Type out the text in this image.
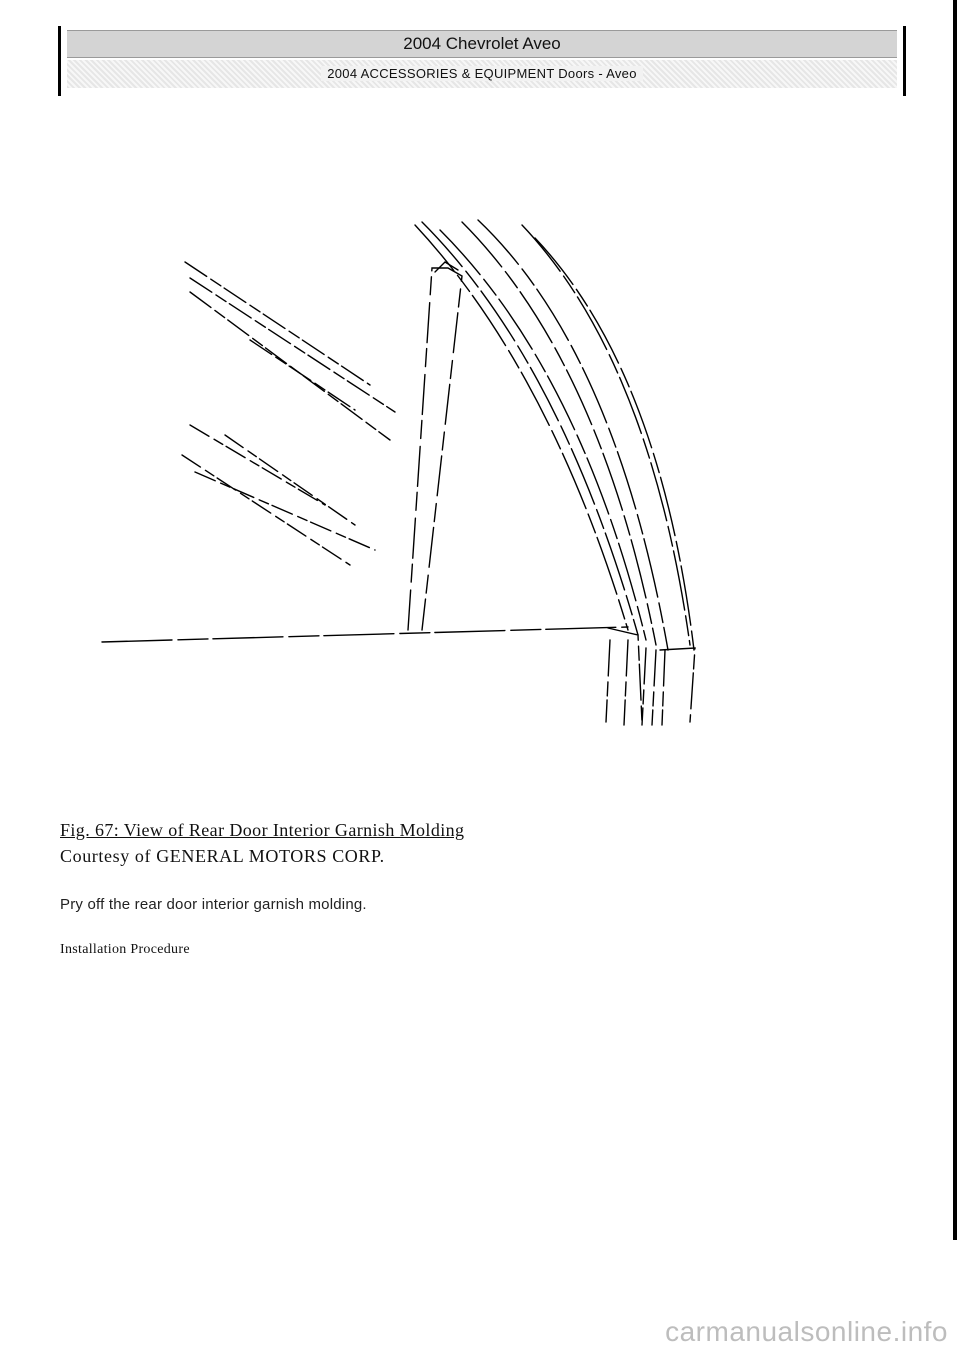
2004 Chevrolet Aveo
2004 ACCESSORIES & EQUIPMENT Doors - Aveo
Fig. 67: View of Rear Door Interior Garnish Molding
Courtesy of GENERAL MOTORS CORP.
Pry off the rear door interior garnish molding.
Installation Procedure
carmanualsonline.info
